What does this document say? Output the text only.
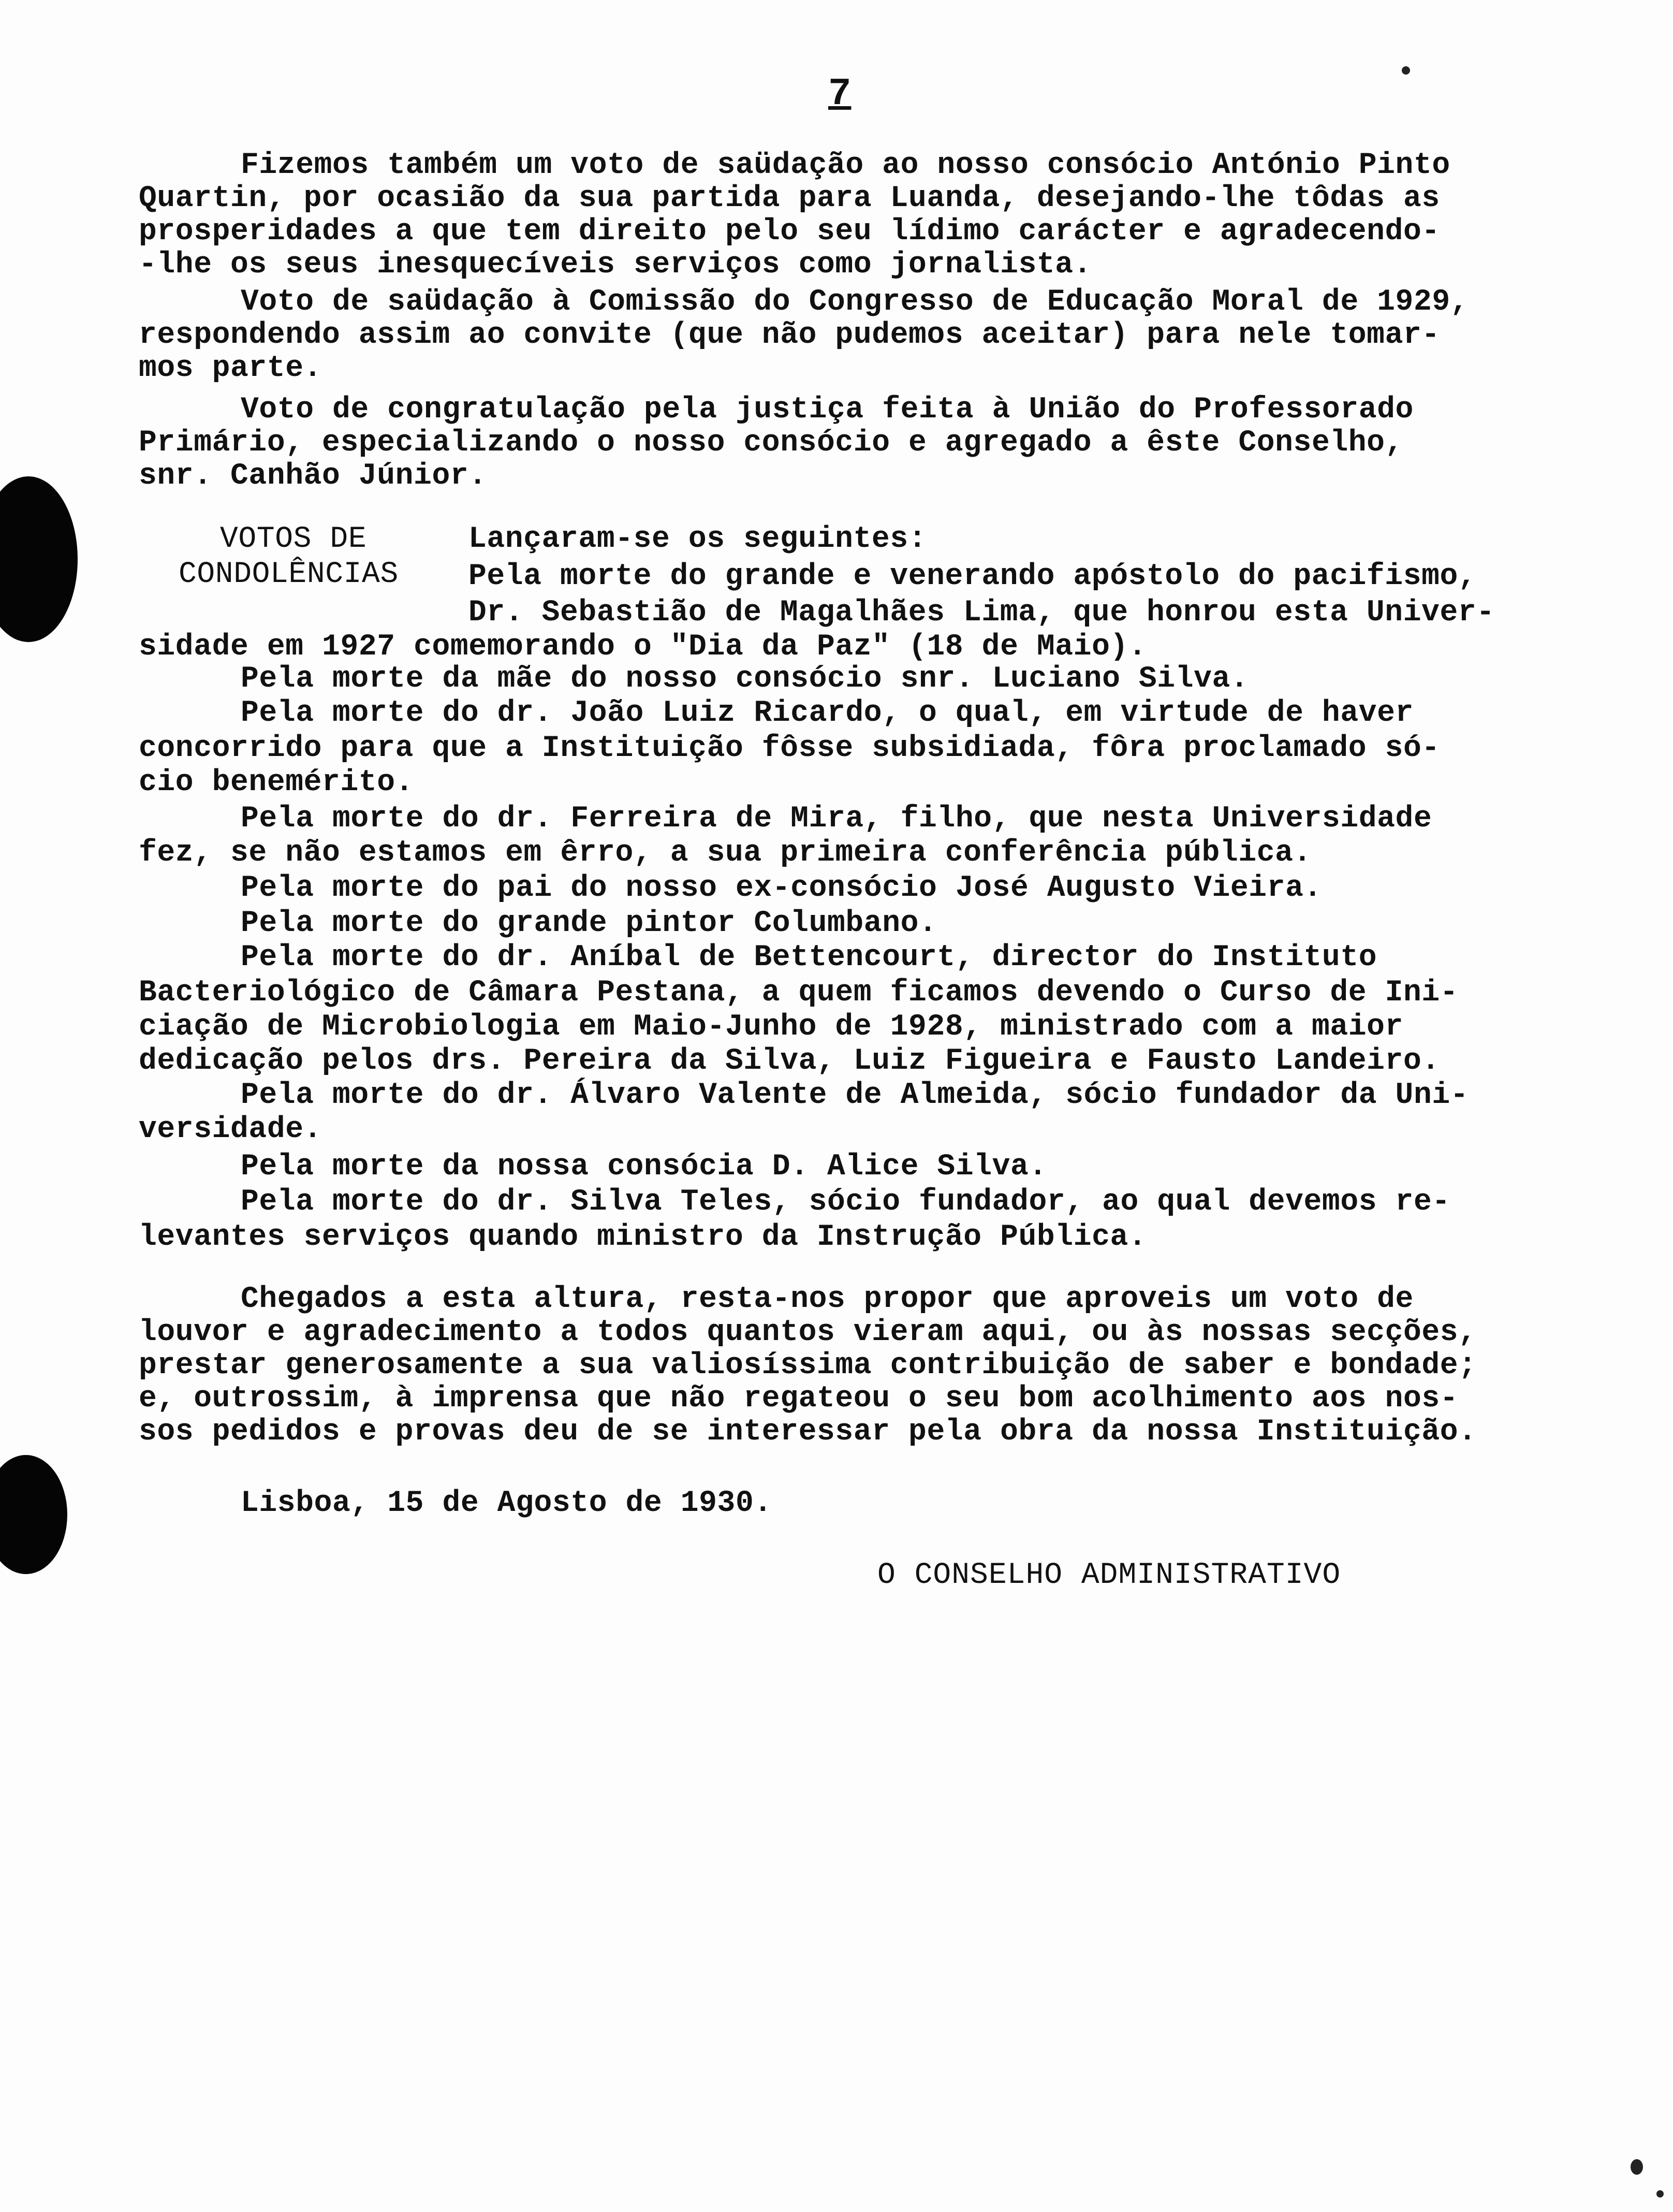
7
Fizemos também um voto de saüdação ao nosso consócio António Pinto
Quartin, por ocasião da sua partida para Luanda, desejando-lhe tôdas as
prosperidades a que tem direito pelo seu lídimo carácter e agradecendo-
-lhe os seus inesquecíveis serviços como jornalista.
Voto de saüdação à Comissão do Congresso de Educação Moral de 1929,
respondendo assim ao convite (que não pudemos aceitar) para nele tomar-
mos parte.
Voto de congratulação pela justiça feita à União do Professorado
Primário, especializando o nosso consócio e agregado a êste Conselho,
snr. Canhão Júnior.
VOTOS DE
CONDOLÊNCIAS
Lançaram-se os seguintes:
Pela morte do grande e venerando apóstolo do pacifismo,
Dr. Sebastião de Magalhães Lima, que honrou esta Univer-
sidade em 1927 comemorando o "Dia da Paz" (18 de Maio).
Pela morte da mãe do nosso consócio snr. Luciano Silva.
Pela morte do dr. João Luiz Ricardo, o qual, em virtude de haver
concorrido para que a Instituição fôsse subsidiada, fôra proclamado só-
cio benemérito.
Pela morte do dr. Ferreira de Mira, filho, que nesta Universidade
fez, se não estamos em êrro, a sua primeira conferência pública.
Pela morte do pai do nosso ex-consócio José Augusto Vieira.
Pela morte do grande pintor Columbano.
Pela morte do dr. Aníbal de Bettencourt, director do Instituto
Bacteriológico de Câmara Pestana, a quem ficamos devendo o Curso de Ini-
ciação de Microbiologia em Maio-Junho de 1928, ministrado com a maior
dedicação pelos drs. Pereira da Silva, Luiz Figueira e Fausto Landeiro.
Pela morte do dr. Álvaro Valente de Almeida, sócio fundador da Uni-
versidade.
Pela morte da nossa consócia D. Alice Silva.
Pela morte do dr. Silva Teles, sócio fundador, ao qual devemos re-
levantes serviços quando ministro da Instrução Pública.
Chegados a esta altura, resta-nos propor que aproveis um voto de
louvor e agradecimento a todos quantos vieram aqui, ou às nossas secções,
prestar generosamente a sua valiosíssima contribuição de saber e bondade;
e, outrossim, à imprensa que não regateou o seu bom acolhimento aos nos-
sos pedidos e provas deu de se interessar pela obra da nossa Instituição.
Lisboa, 15 de Agosto de 1930.
O CONSELHO ADMINISTRATIVO
